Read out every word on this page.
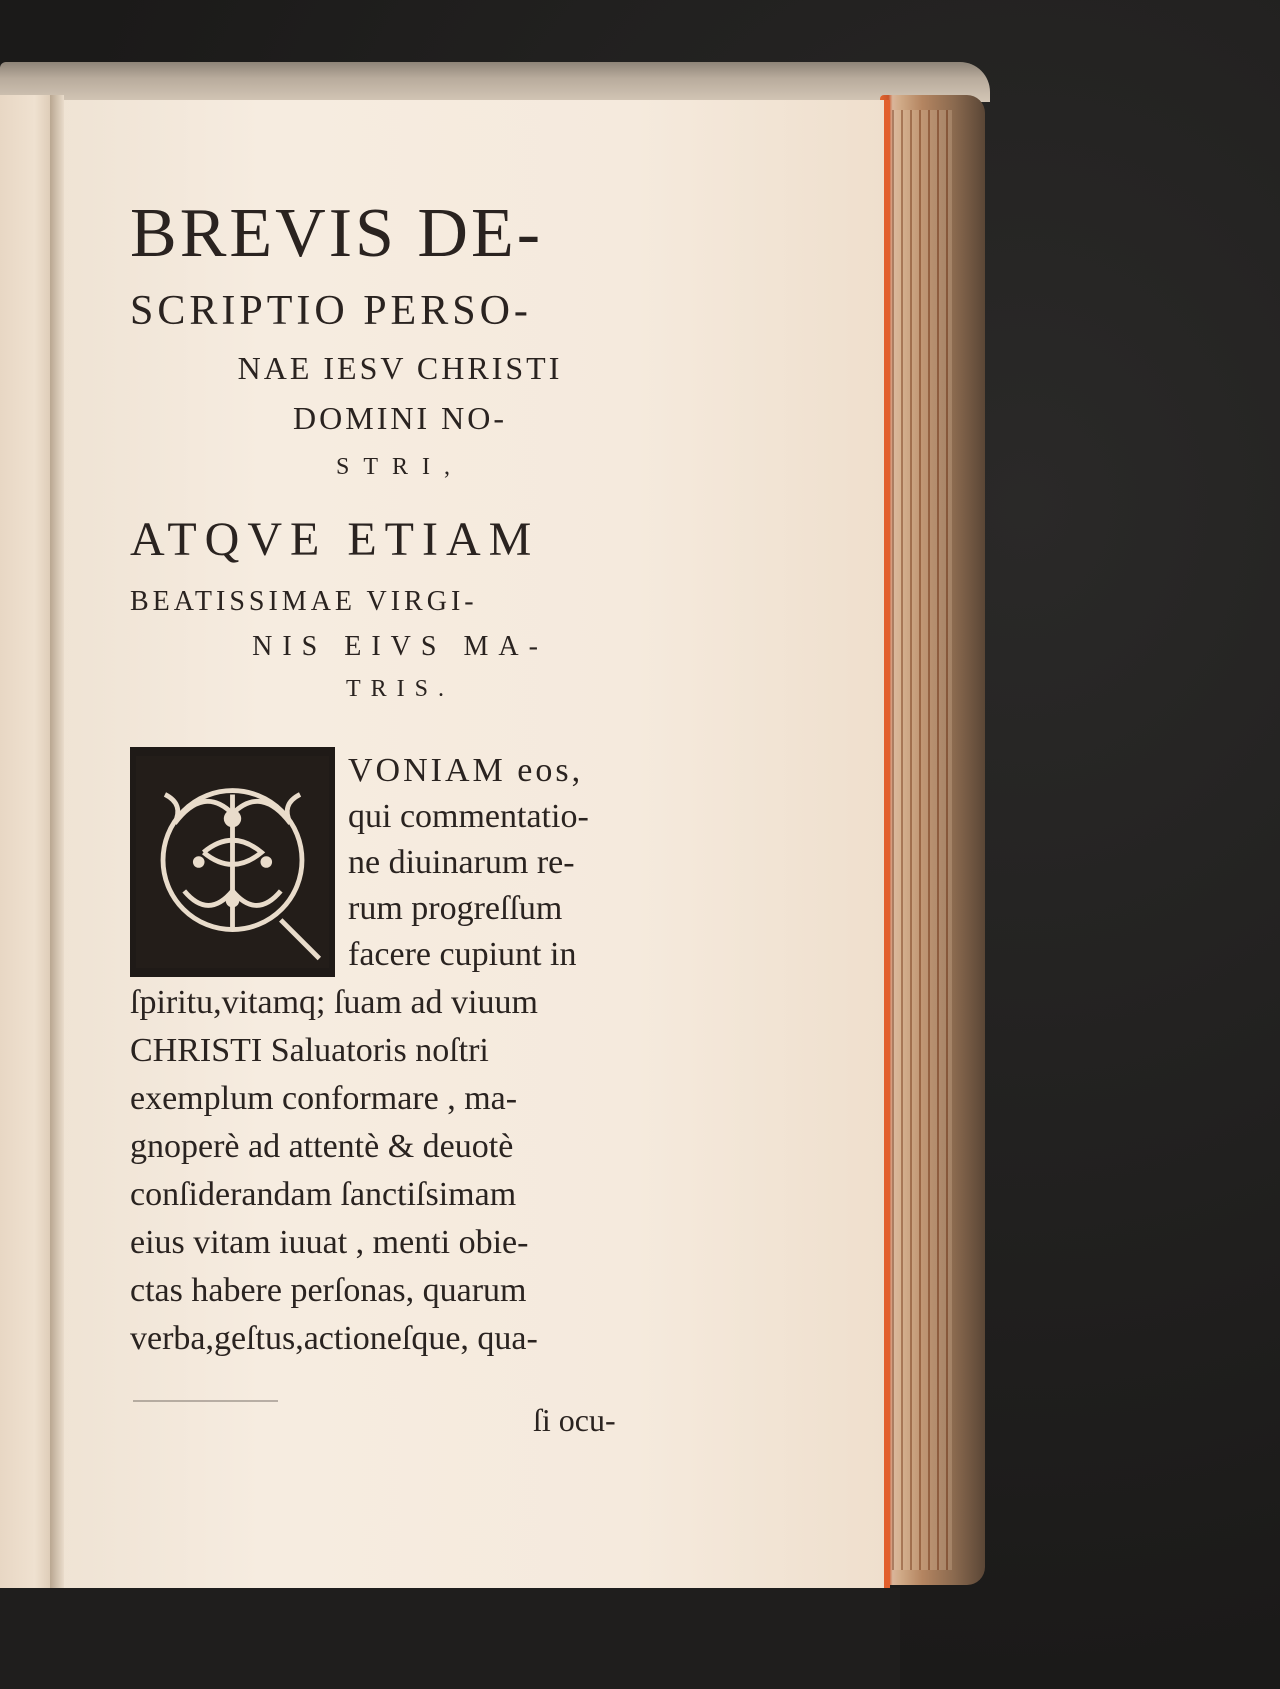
BREVIS DE-

SCRIPTIO PERSO-

NAE IESV CHRISTI

DOMINI NO-

STRI,

ATQVE ETIAM

BEATISSIMAE VIRGI-

NIS EIVS MA-

TRIS.

VONIAM eos,
qui commentatio-
ne diuinarum re-
rum progreſſum
facere cupiunt in
ſpiritu,vitamq; ſuam ad viuum
CHRISTI Saluatoris noſtri
exemplum conformare , ma-
gnoperè ad attentè & deuotè
conſiderandam ſanctiſsimam
eius vitam iuuat , menti obie-
ctas habere perſonas, quarum
verba,geſtus,actioneſque, qua-
ſi ocu-
